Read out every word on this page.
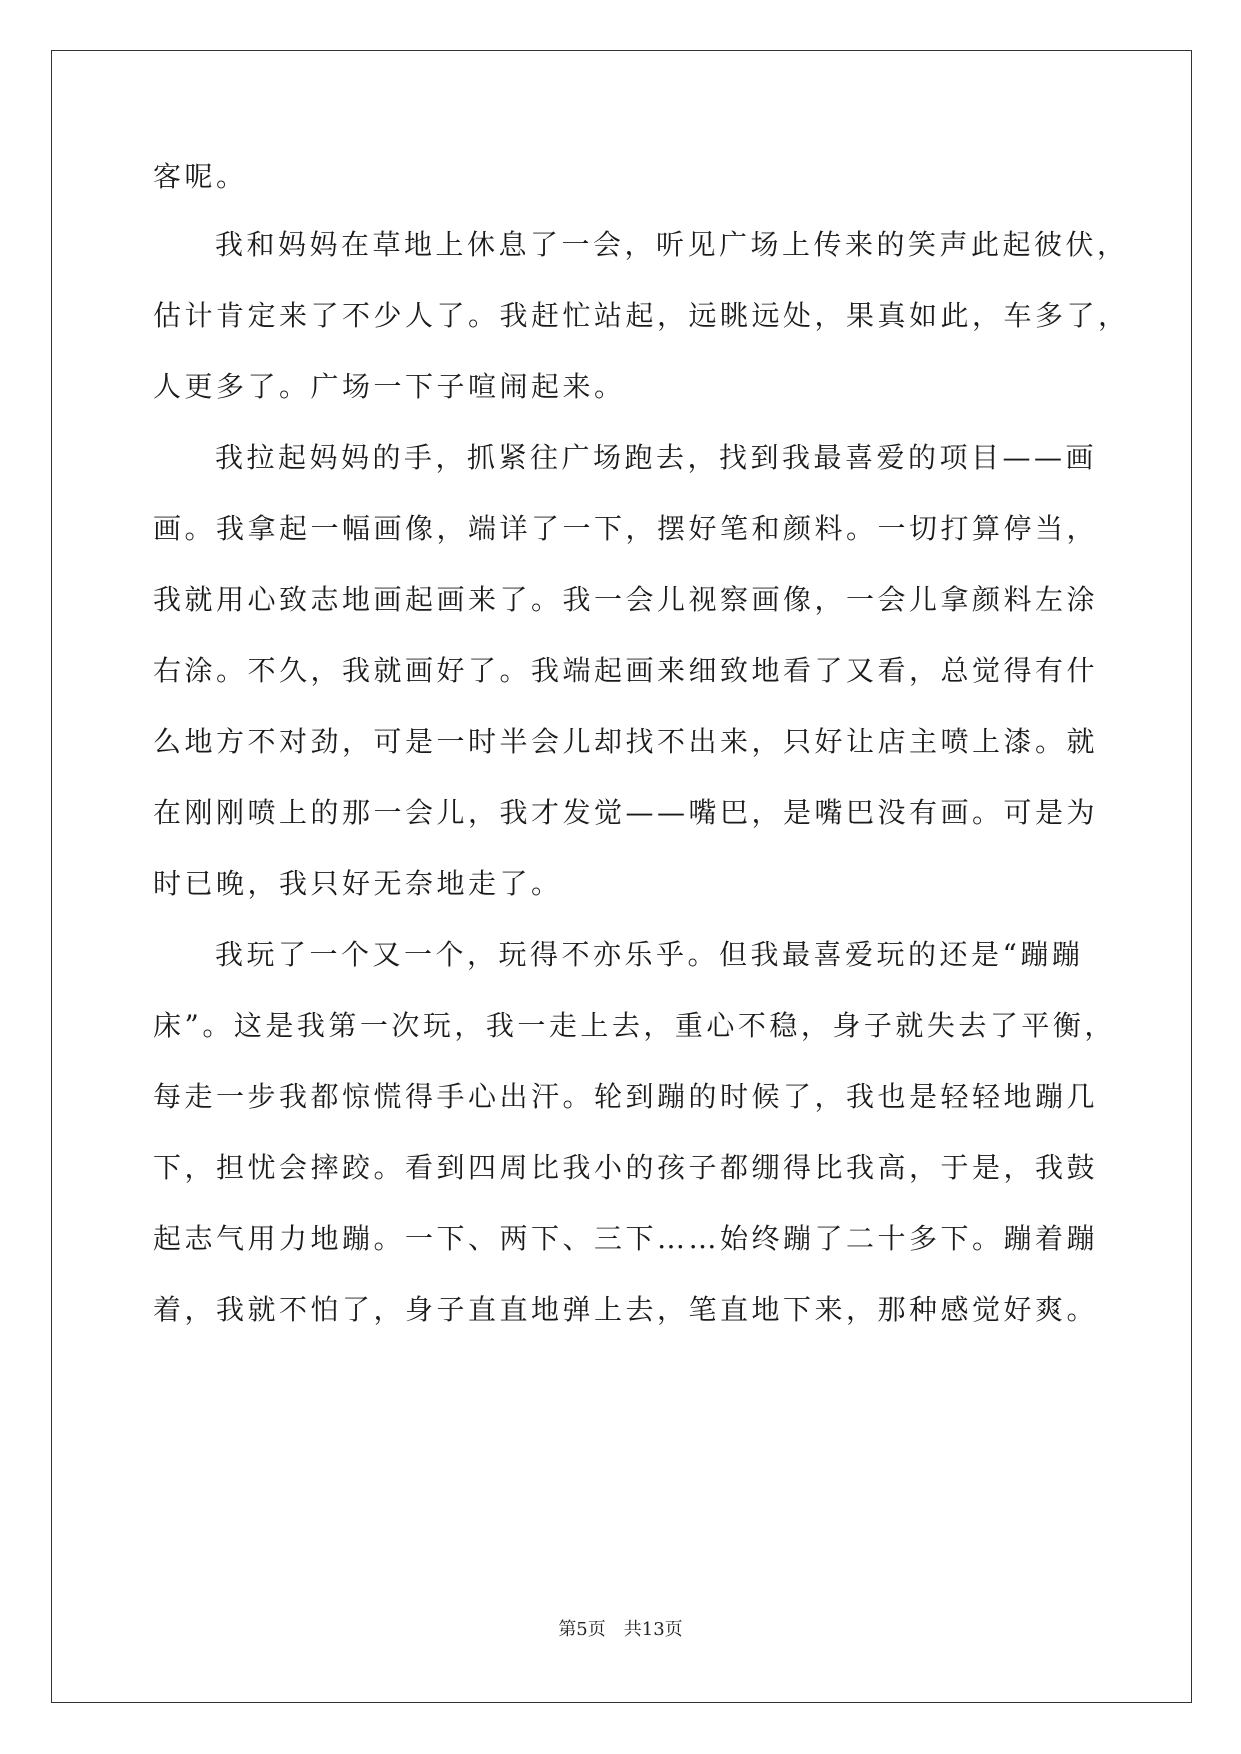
客呢。
我和妈妈在草地上休息了一会，听见广场上传来的笑声此起彼伏，
估计肯定来了不少人了。我赶忙站起，远眺远处，果真如此，车多了，
人更多了。广场一下子喧闹起来。
我拉起妈妈的手，抓紧往广场跑去，找到我最喜爱的项目——画
画。我拿起一幅画像，端详了一下，摆好笔和颜料。一切打算停当，
我就用心致志地画起画来了。我一会儿视察画像，一会儿拿颜料左涂
右涂。不久，我就画好了。我端起画来细致地看了又看，总觉得有什
么地方不对劲，可是一时半会儿却找不出来，只好让店主喷上漆。就
在刚刚喷上的那一会儿，我才发觉——嘴巴，是嘴巴没有画。可是为
时已晚，我只好无奈地走了。
我玩了一个又一个，玩得不亦乐乎。但我最喜爱玩的还是“蹦蹦
床”。这是我第一次玩，我一走上去，重心不稳，身子就失去了平衡，
每走一步我都惊慌得手心出汗。轮到蹦的时候了，我也是轻轻地蹦几
下，担忧会摔跤。看到四周比我小的孩子都绷得比我高，于是，我鼓
起志气用力地蹦。一下、两下、三下……始终蹦了二十多下。蹦着蹦
着，我就不怕了，身子直直地弹上去，笔直地下来，那种感觉好爽。
第5页 共13页
